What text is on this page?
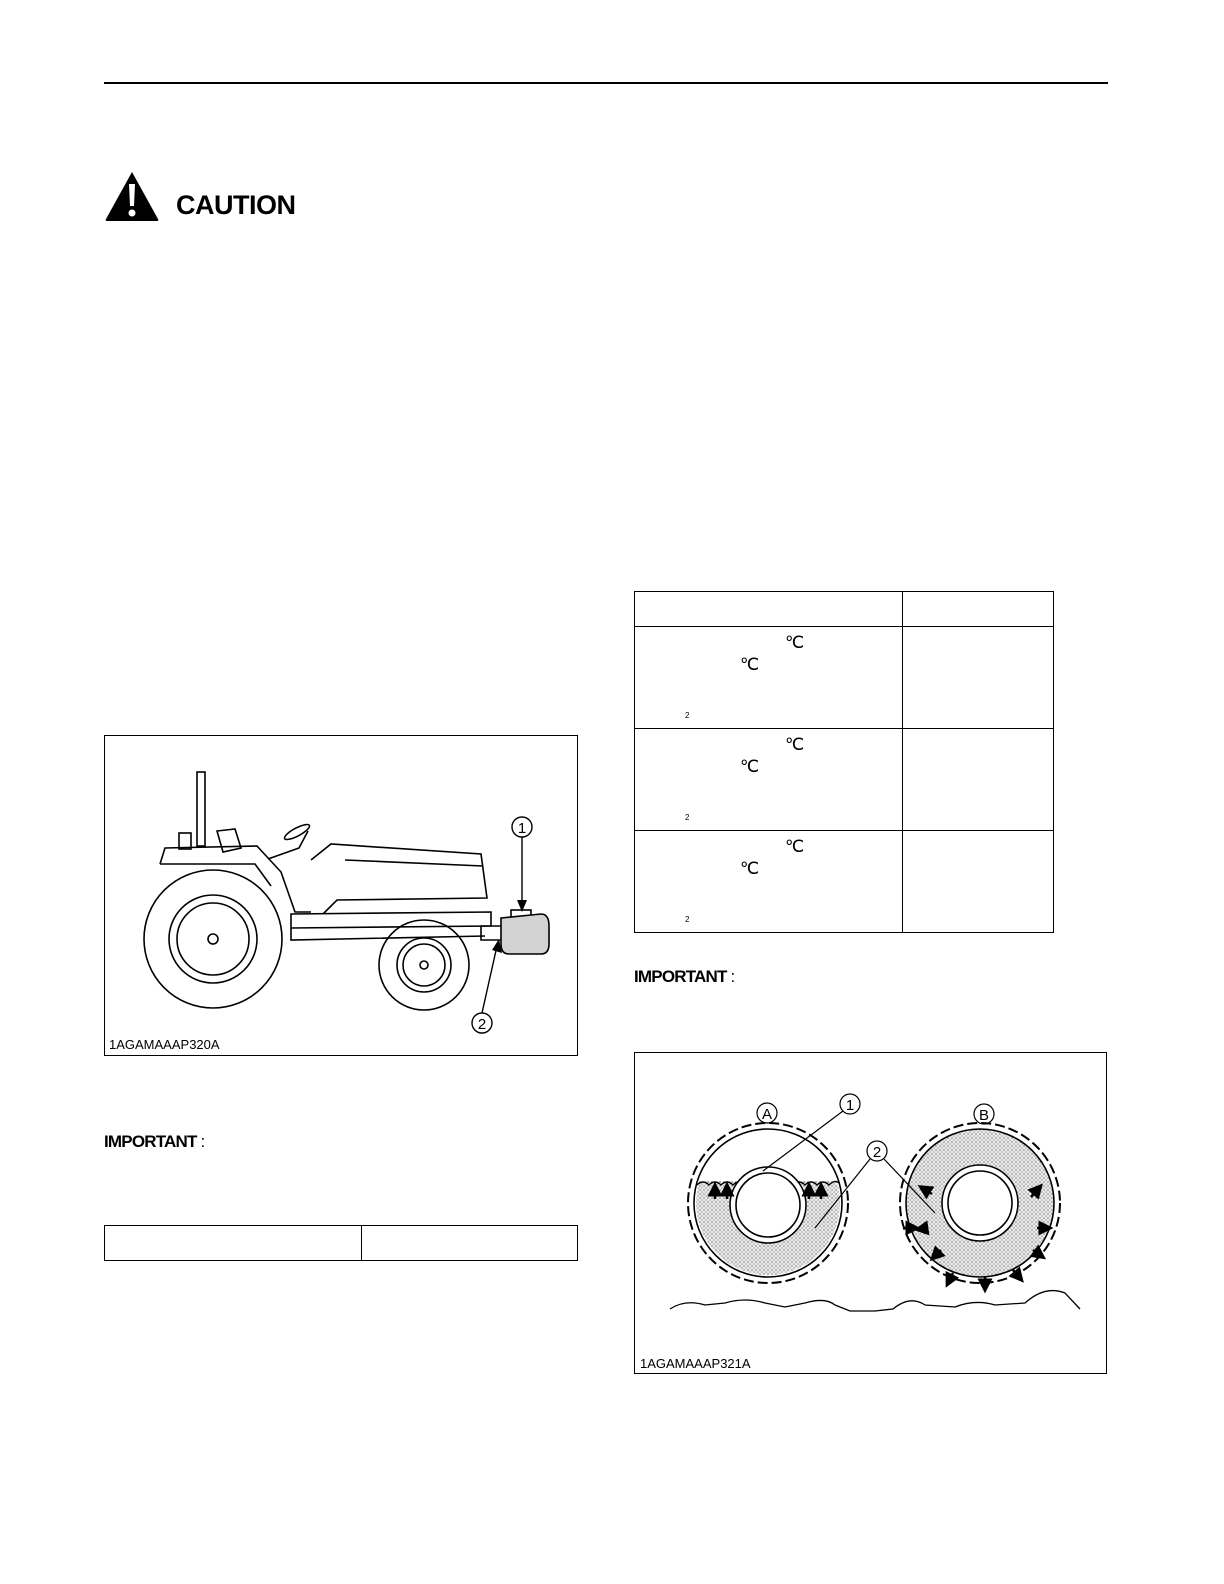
CAUTION
1
2
1AGAMAAAP320A
IMPORTANT :

℃
℃
2	

℃
℃
2	

℃
℃
2	

IMPORTANT :
A	B
1
2
1AGAMAAAP321A
